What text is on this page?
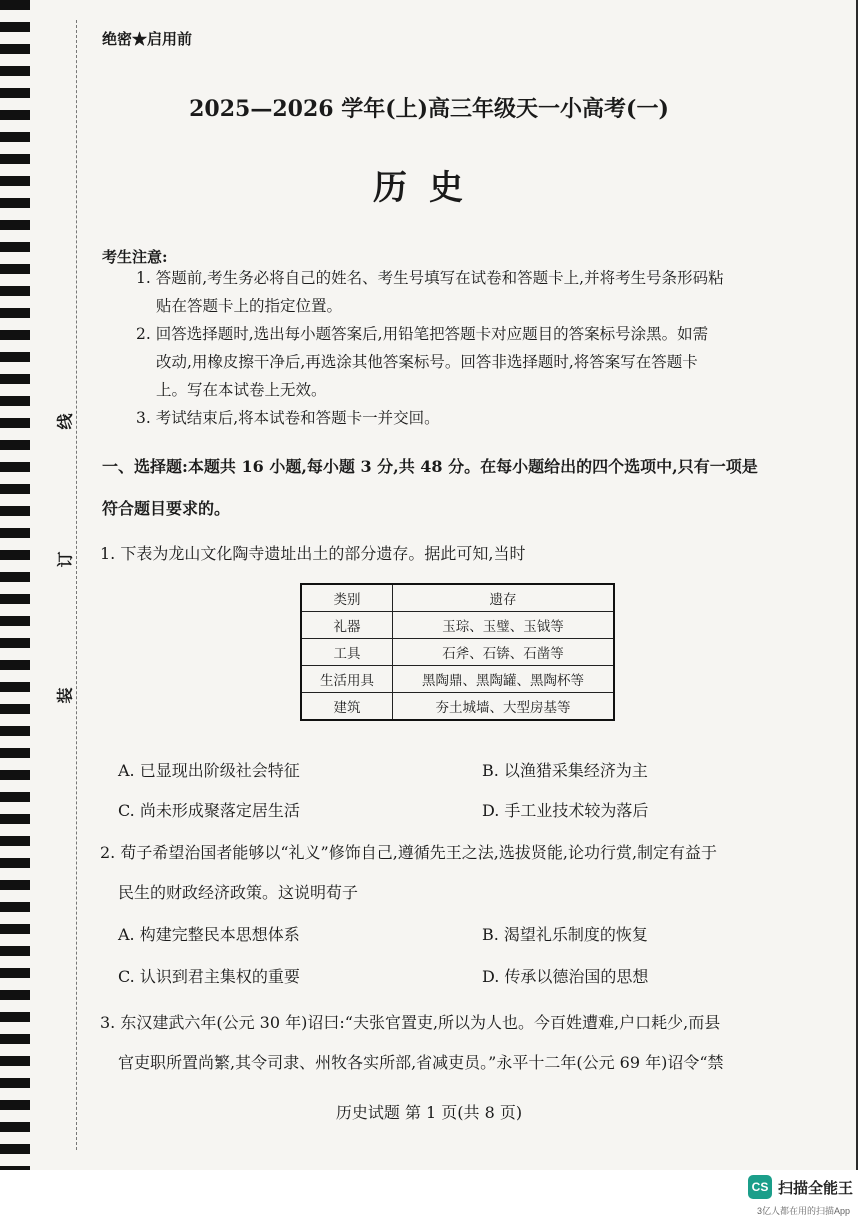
线
订
装
绝密★启用前
2025—2026 学年(上)高三年级天一小高考(一)
历史
考生注意:
1. 答题前,考生务必将自己的姓名、考生号填写在试卷和答题卡上,并将考生号条形码粘
贴在答题卡上的指定位置。
2. 回答选择题时,选出每小题答案后,用铅笔把答题卡对应题目的答案标号涂黑。如需
改动,用橡皮擦干净后,再选涂其他答案标号。回答非选择题时,将答案写在答题卡
上。写在本试卷上无效。
3. 考试结束后,将本试卷和答题卡一并交回。
一、选择题:本题共 16 小题,每小题 3 分,共 48 分。在每小题给出的四个选项中,只有一项是
符合题目要求的。
1. 下表为龙山文化陶寺遗址出土的部分遗存。据此可知,当时
类别	遗存
礼器	玉琮、玉璧、玉钺等
工具	石斧、石锛、石凿等
生活用具	黑陶鼎、黑陶罐、黑陶杯等
建筑	夯土城墙、大型房基等
A. 已显现出阶级社会特征	B. 以渔猎采集经济为主
C. 尚未形成聚落定居生活	D. 手工业技术较为落后
2. 荀子希望治国者能够以“礼义”修饰自己,遵循先王之法,选拔贤能,论功行赏,制定有益于
民生的财政经济政策。这说明荀子
A. 构建完整民本思想体系	B. 渴望礼乐制度的恢复
C. 认识到君主集权的重要	D. 传承以德治国的思想
3. 东汉建武六年(公元 30 年)诏曰:“夫张官置吏,所以为人也。今百姓遭难,户口耗少,而县
官吏职所置尚繁,其令司隶、州牧各实所部,省减吏员。”永平十二年(公元 69 年)诏令“禁
历史试题 第 1 页(共 8 页)
CS 扫描全能王
3亿人都在用的扫描App
